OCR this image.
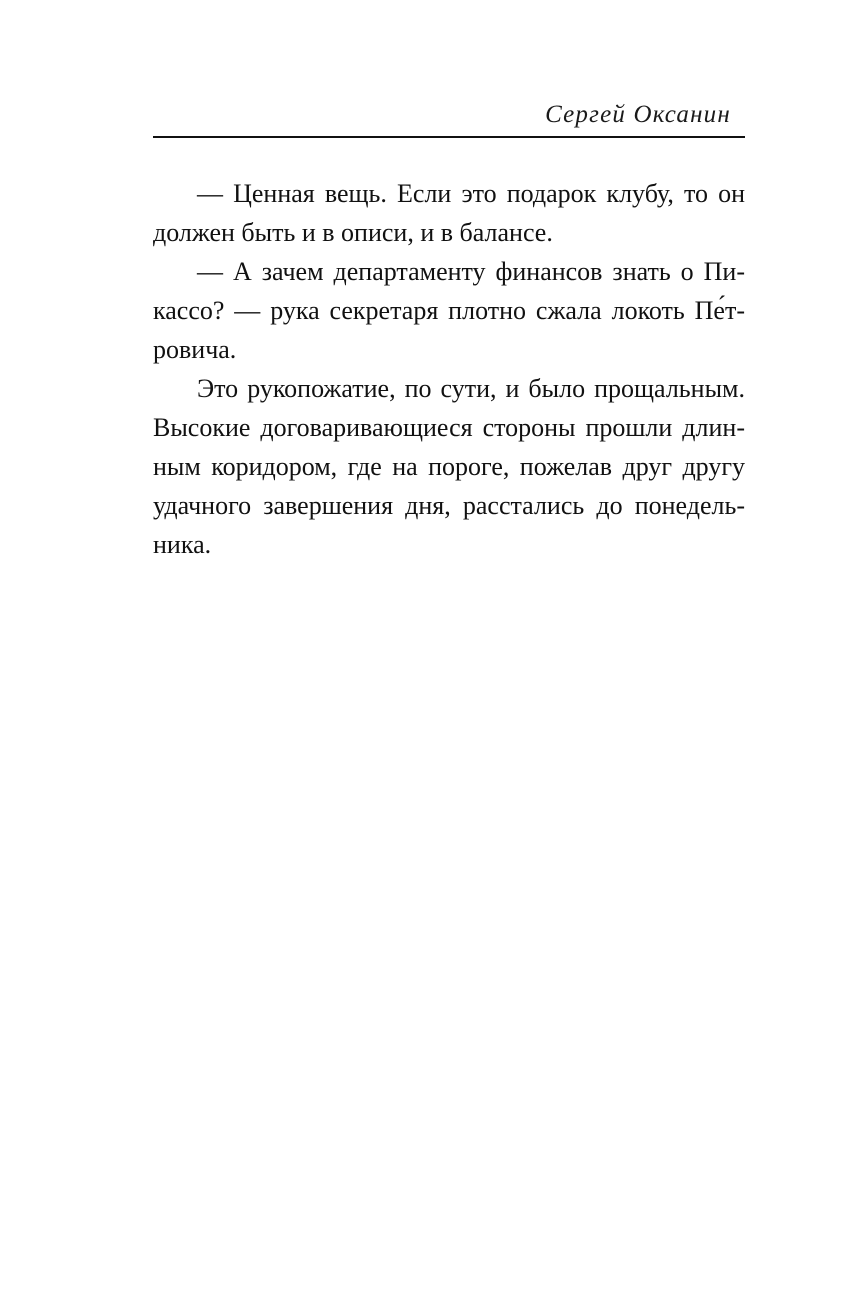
Сергей Оксанин
— Ценная вещь. Если это подарок клубу, то он
должен быть и в описи, и в балансе.
— А зачем департаменту финансов знать о Пи-
кассо? — рука секретаря плотно сжала локоть Пе́т-
ровича.
Это рукопожатие, по сути, и было прощальным.
Высокие договаривающиеся стороны прошли длин-
ным коридором, где на пороге, пожелав друг другу
удачного завершения дня, расстались до понедель-
ника.
